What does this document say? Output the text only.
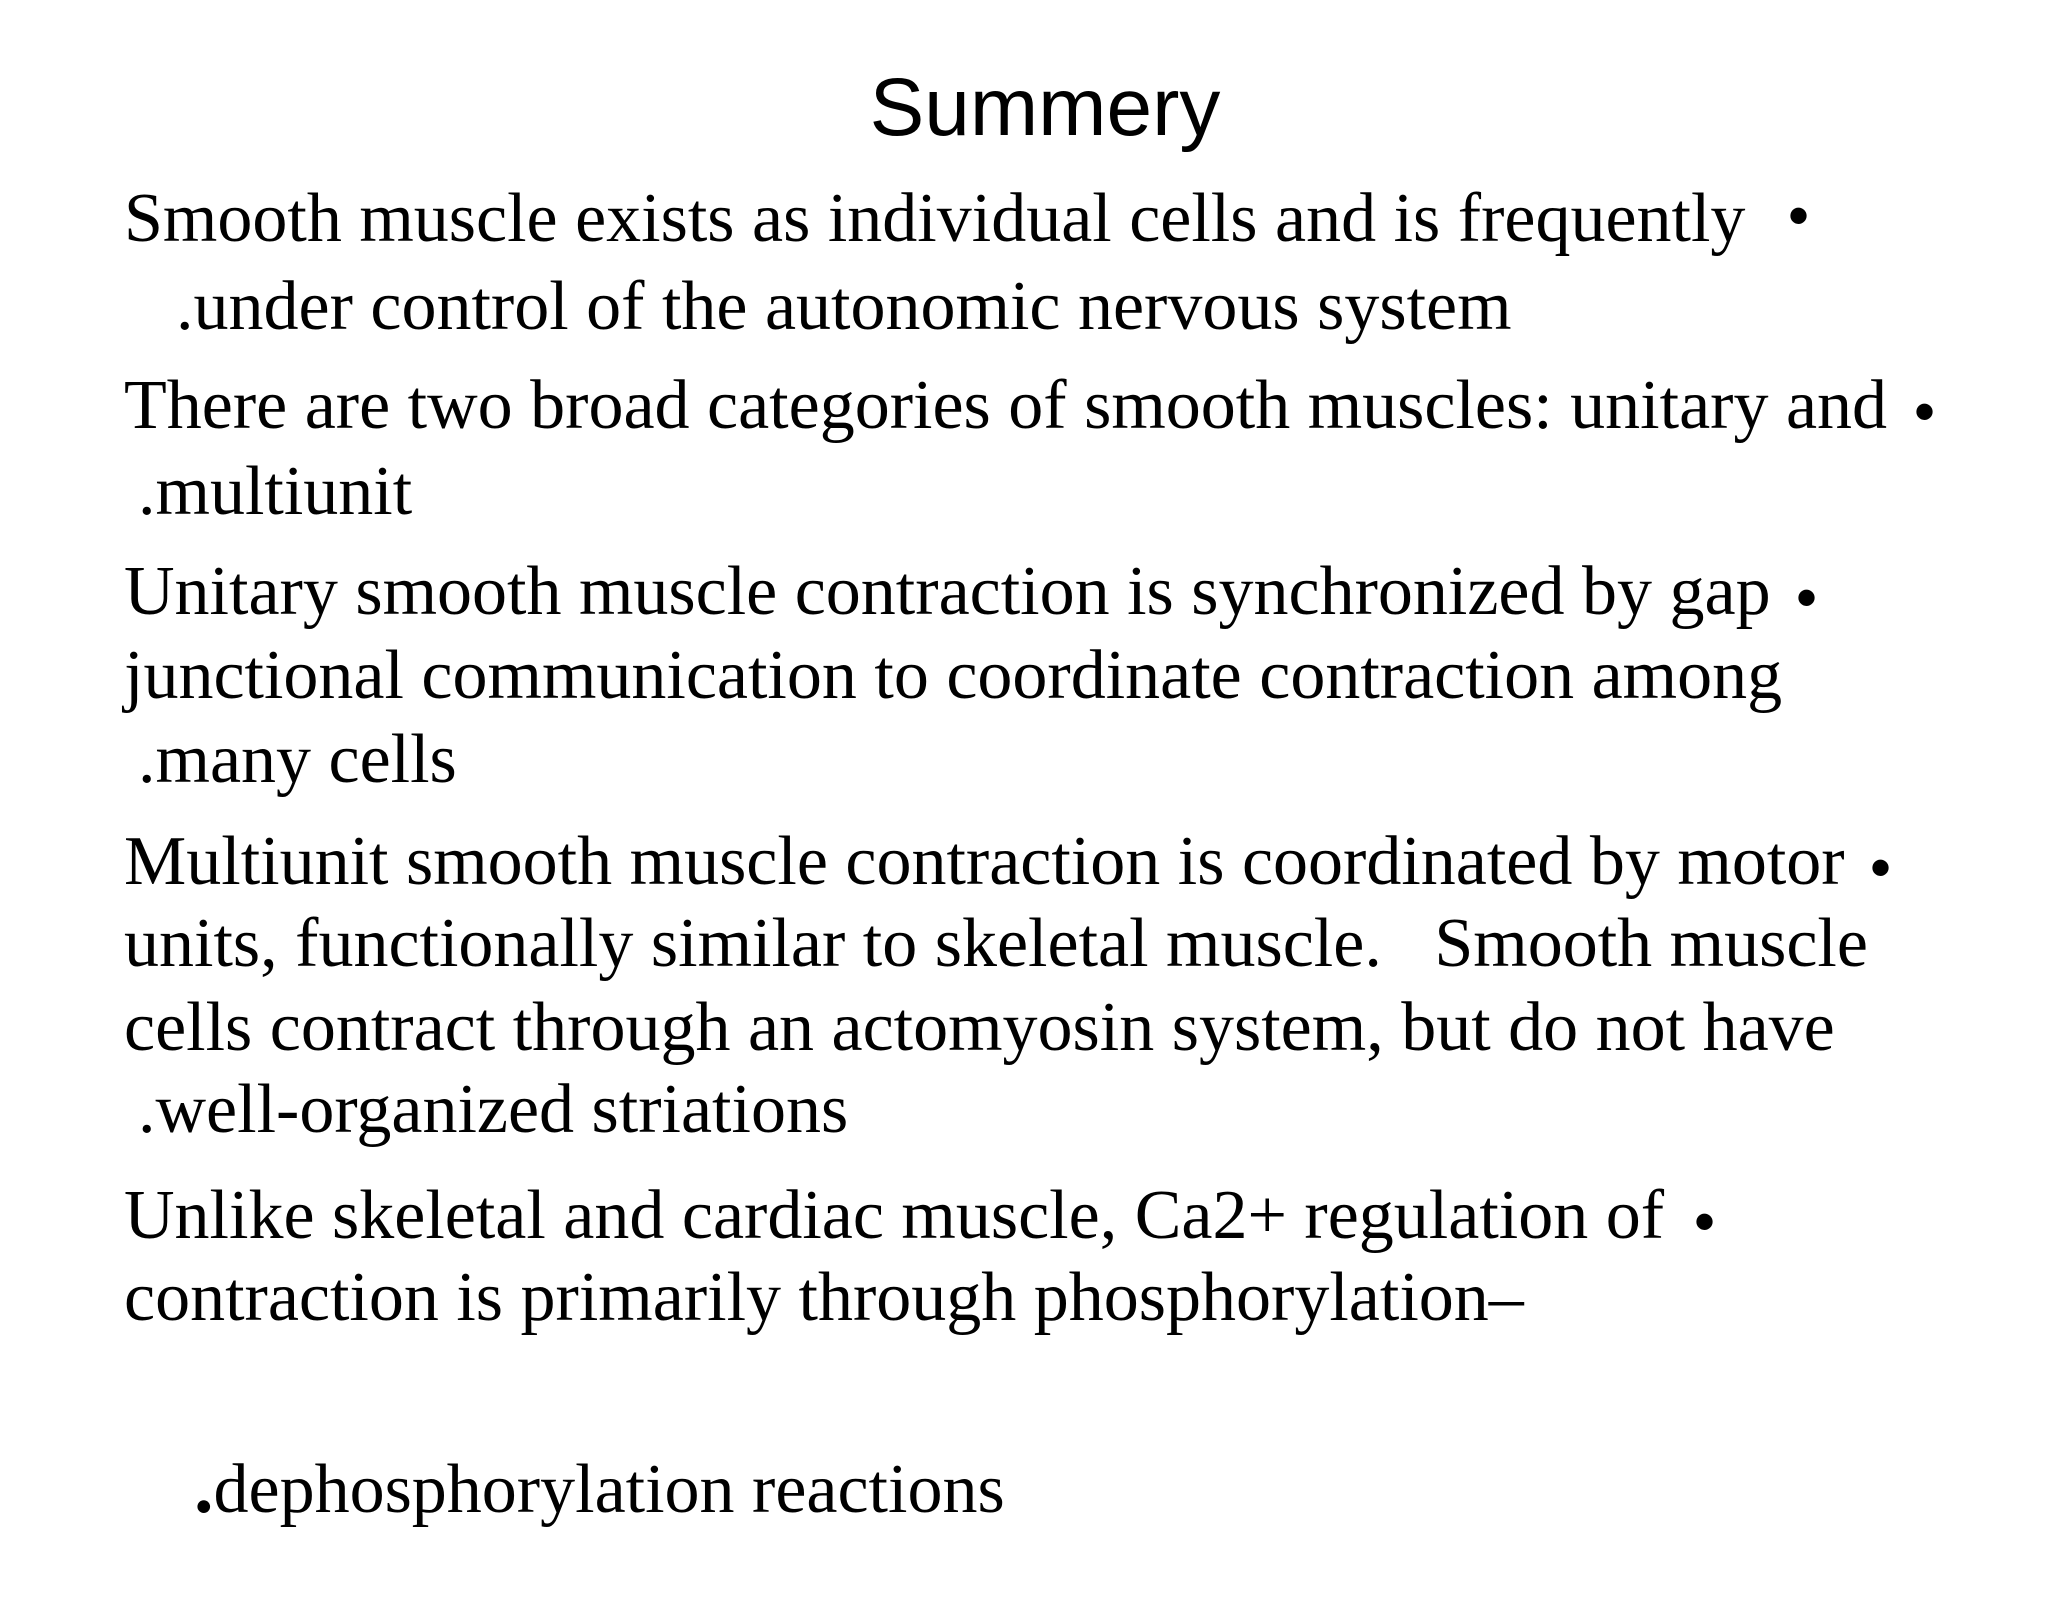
Summery
•
Smooth muscle exists as individual cells and is frequently
.under control of the autonomic nervous system
•
There are two broad categories of smooth muscles: unitary and
.multiunit
•
Unitary smooth muscle contraction is synchronized by gap
junctional communication to coordinate contraction among
.many cells
•
Multiunit smooth muscle contraction is coordinated by motor
units, functionally similar to skeletal muscle.   Smooth muscle
cells contract through an actomyosin system, but do not have
.well-organized striations
•
Unlike skeletal and cardiac muscle, Ca2+ regulation of
contraction is primarily through phosphorylation–

.dephosphorylation reactions
